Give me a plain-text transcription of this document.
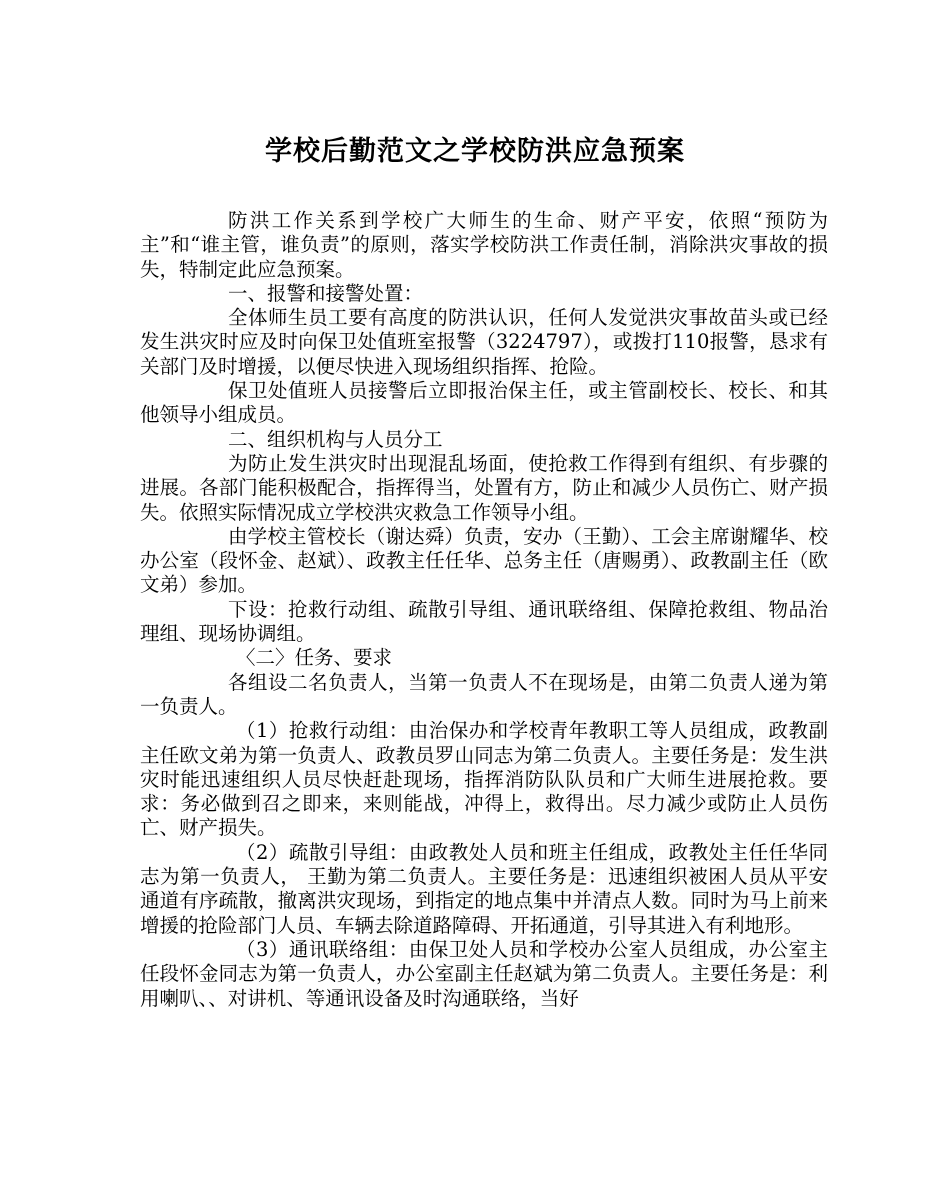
学校后勤范文之学校防洪应急预案

防洪工作关系到学校广大师生的生命、财产平安，依照“预防为主”和“谁主管，谁负责”的原则，落实学校防洪工作责任制，消除洪灾事故的损失，特制定此应急预案。

一、报警和接警处置：

全体师生员工要有高度的防洪认识，任何人发觉洪灾事故苗头或已经发生洪灾时应及时向保卫处值班室报警（3224797），或拨打110报警，恳求有关部门及时增援，以便尽快进入现场组织指挥、抢险。

保卫处值班人员接警后立即报治保主任，或主管副校长、校长、和其他领导小组成员。

二、组织机构与人员分工

为防止发生洪灾时出现混乱场面，使抢救工作得到有组织、有步骤的进展。各部门能积极配合，指挥得当，处置有方，防止和减少人员伤亡、财产损失。依照实际情况成立学校洪灾救急工作领导小组。

由学校主管校长（谢达舜）负责，安办（王勤）、工会主席谢耀华、校办公室（段怀金、赵斌）、政教主任任华、总务主任（唐赐勇）、政教副主任（欧文弟）参加。

下设：抢救行动组、疏散引导组、通讯联络组、保障抢救组、物品治理组、现场协调组。

〈二〉任务、要求

各组设二名负责人，当第一负责人不在现场是，由第二负责人递为第一负责人。

（1）抢救行动组：由治保办和学校青年教职工等人员组成，政教副主任欧文弟为第一负责人、政教员罗山同志为第二负责人。主要任务是：发生洪灾时能迅速组织人员尽快赶赴现场，指挥消防队队员和广大师生进展抢救。要求：务必做到召之即来，来则能战，冲得上，救得出。尽力减少或防止人员伤亡、财产损失。

（2）疏散引导组：由政教处人员和班主任组成，政教处主任任华同志为第一负责人， 王勤为第二负责人。主要任务是：迅速组织被困人员从平安通道有序疏散，撤离洪灾现场，到指定的地点集中并清点人数。同时为马上前来增援的抢险部门人员、车辆去除道路障碍、开拓通道，引导其进入有利地形。

（3）通讯联络组：由保卫处人员和学校办公室人员组成，办公室主任段怀金同志为第一负责人，办公室副主任赵斌为第二负责人。主要任务是：利用喇叭、、对讲机、等通讯设备及时沟通联络，当好
